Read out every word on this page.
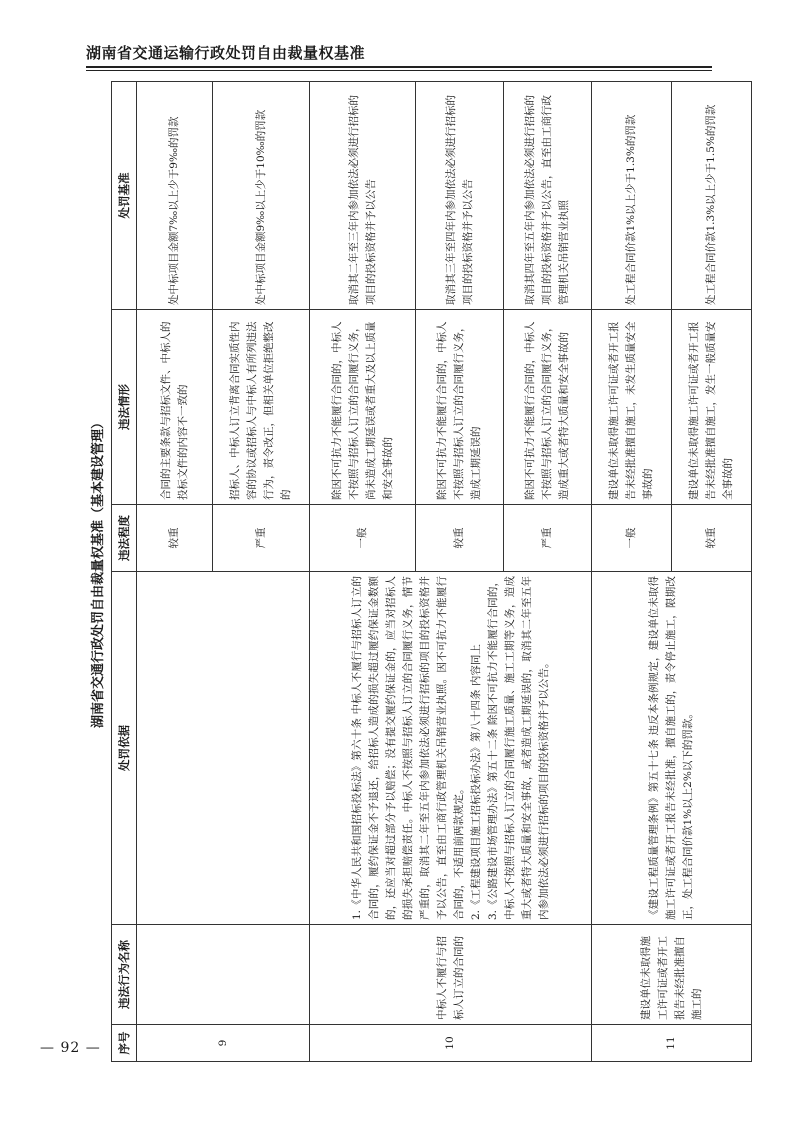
湖南省交通运输行政处罚自由裁量权基准
— 92 —
湖南省交通行政处罚自由裁量权基准（基本建设管理）
序号	违法行为名称	处罚依据	违法程度	违法情形	处罚基准
9			较重	合同的主要条款与招标文件、中标人的投标文件的内容不一致的	处中标项目金额7‰以上少于9‰的罚款
			严重	招标人、中标人订立背离合同实质性内容的协议或招标人与中标人有所列违法行为，责令改正，但相关单位拒绝整改的	处中标项目金额9‰以上少于10‰的罚款
10	中标人不履行与招标人订立的合同的	1.《中华人民共和国招标投标法》第六十条 中标人不履行与招标人订立的合同的，履约保证金不予退还，给招标人造成的损失超过履约保证金数额的，还应当对超过部分予以赔偿；没有提交履约保证金的，应当对招标人的损失承担赔偿责任。中标人不按照与招标人订立的合同履行义务，情节严重的，取消其二年至五年内参加依法必须进行招标的项目的投标资格并予以公告，直至由工商行政管理机关吊销营业执照。因不可抗力不能履行合同的，不适用前两款规定。 2.《工程建设项目施工招标投标办法》第八十四条 内容同上 3.《公路建设市场管理办法》第五十二条 除因不可抗力不能履行合同的，中标人不按照与招标人订立的合同履行施工质量、施工工期等义务，造成重大或者特大质量和安全事故，或者造成工期延误的，取消其二年至五年内参加依法必须进行招标的项目的投标资格并予以公告。	一般	除因不可抗力不能履行合同的，中标人不按照与招标人订立的合同履行义务，尚未造成工期延误或者重大及以上质量和安全事故的	取消其二年至三年内参加依法必须进行招标的项目的投标资格并予以公告
			较重	除因不可抗力不能履行合同的，中标人不按照与招标人订立的合同履行义务，造成工期延误的	取消其三年至四年内参加依法必须进行招标的项目的投标资格并予以公告
			严重	除因不可抗力不能履行合同的，中标人不按照与招标人订立的合同履行义务，造成重大或者特大质量和安全事故的	取消其四年至五年内参加依法必须进行招标的项目的投标资格并予以公告，直至由工商行政管理机关吊销营业执照
11	建设单位未取得施工许可证或者开工报告未经批准擅自施工的	《建设工程质量管理条例》第五十七条 违反本条例规定，建设单位未取得施工许可证或者开工报告未经批准，擅自施工的，责令停止施工，限期改正，处工程合同价款1%以上2%以下的罚款。	一般	建设单位未取得施工许可证或者开工报告未经批准擅自施工，未发生质量安全事故的	处工程合同价款1%以上少于1.3%的罚款
			较重	建设单位未取得施工许可证或者开工报告未经批准擅自施工，发生一般质量安全事故的	处工程合同价款1.3%以上少于1.5%的罚款
